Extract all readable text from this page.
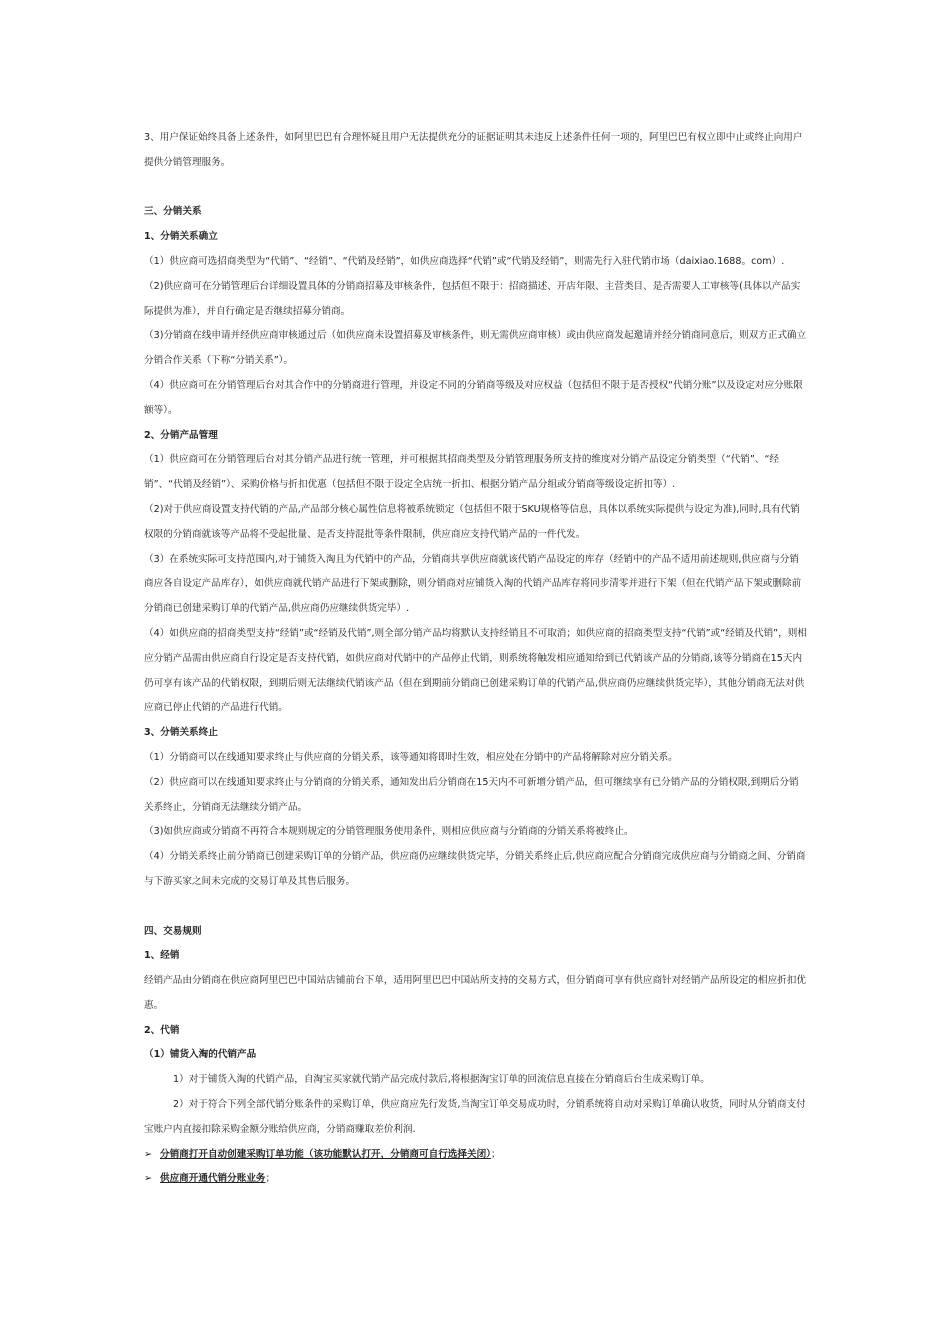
3、用户保证始终具备上述条件，如阿里巴巴有合理怀疑且用户无法提供充分的证据证明其未违反上述条件任何一项的，阿里巴巴有权立即中止或终止向用户提供分销管理服务。

三、分销关系

1、分销关系确立

（1）供应商可选招商类型为“代销”、“经销”、“代销及经销”，如供应商选择“代销”或“代销及经销”，则需先行入驻代销市场（daixiao.1688。com）.

（2)供应商可在分销管理后台详细设置具体的分销商招募及审核条件，包括但不限于：招商描述、开店年限、主营类目、是否需要人工审核等(具体以产品实际提供为准），并自行确定是否继续招募分销商。

（3)分销商在线申请并经供应商审核通过后（如供应商未设置招募及审核条件，则无需供应商审核）或由供应商发起邀请并经分销商同意后，则双方正式确立分销合作关系（下称“分销关系”）。

（4）供应商可在分销管理后台对其合作中的分销商进行管理，并设定不同的分销商等级及对应权益（包括但不限于是否授权“代销分账”以及设定对应分账限额等）。

2、分销产品管理

（1）供应商可在分销管理后台对其分销产品进行统一管理，并可根据其招商类型及分销管理服务所支持的维度对分销产品设定分销类型（“代销”、“经销”、“代销及经销”）、采购价格与折扣优惠（包括但不限于设定全店统一折扣、根据分销产品分组或分销商等级设定折扣等）.

（2)对于供应商设置支持代销的产品,产品部分核心属性信息将被系统锁定（包括但不限于SKU规格等信息，具体以系统实际提供与设定为准),同时,具有代销权限的分销商就该等产品将不受起批量、是否支持混批等条件限制，供应商应支持代销产品的一件代发。

（3）在系统实际可支持范围内,对于铺货入淘且为代销中的产品，分销商共享供应商就该代销产品设定的库存（经销中的产品不适用前述规则,供应商与分销商应各自设定产品库存），如供应商就代销产品进行下架或删除，则分销商对应铺货入淘的代销产品库存将同步清零并进行下架（但在代销产品下架或删除前分销商已创建采购订单的代销产品,供应商仍应继续供货完毕）.

（4）如供应商的招商类型支持“经销”或“经销及代销”,则全部分销产品均将默认支持经销且不可取消；如供应商的招商类型支持“代销”或“经销及代销”，则相应分销产品需由供应商自行设定是否支持代销，如供应商对代销中的产品停止代销，则系统将触发相应通知给到已代销该产品的分销商,该等分销商在15天内仍可享有该产品的代销权限，到期后则无法继续代销该产品（但在到期前分销商已创建采购订单的代销产品,供应商仍应继续供货完毕），其他分销商无法对供应商已停止代销的产品进行代销。

3、分销关系终止

（1）分销商可以在线通知要求终止与供应商的分销关系，该等通知将即时生效，相应处在分销中的产品将解除对应分销关系。

（2）供应商可以在线通知要求终止与分销商的分销关系，通知发出后分销商在15天内不可新增分销产品，但可继续享有已分销产品的分销权限,到期后分销关系终止，分销商无法继续分销产品。

（3)如供应商或分销商不再符合本规则规定的分销管理服务使用条件，则相应供应商与分销商的分销关系将被终止。

（4）分销关系终止前分销商已创建采购订单的分销产品，供应商仍应继续供货完毕，分销关系终止后,供应商应配合分销商完成供应商与分销商之间、分销商与下游买家之间未完成的交易订单及其售后服务。

四、交易规则

1、经销

经销产品由分销商在供应商阿里巴巴中国站店铺前台下单，适用阿里巴巴中国站所支持的交易方式，但分销商可享有供应商针对经销产品所设定的相应折扣优惠。

2、代销

（1）铺货入淘的代销产品

1）对于铺货入淘的代销产品，自淘宝买家就代销产品完成付款后,将根据淘宝订单的回流信息直接在分销商后台生成采购订单。

2）对于符合下列全部代销分账条件的采购订单，供应商应先行发货,当淘宝订单交易成功时，分销系统将自动对采购订单确认收货，同时从分销商支付宝账户内直接扣除采购金额分账给供应商，分销商赚取差价利润.

➢ 分销商打开自动创建采购订单功能（该功能默认打开，分销商可自行选择关闭）；

➢ 供应商开通代销分账业务；
